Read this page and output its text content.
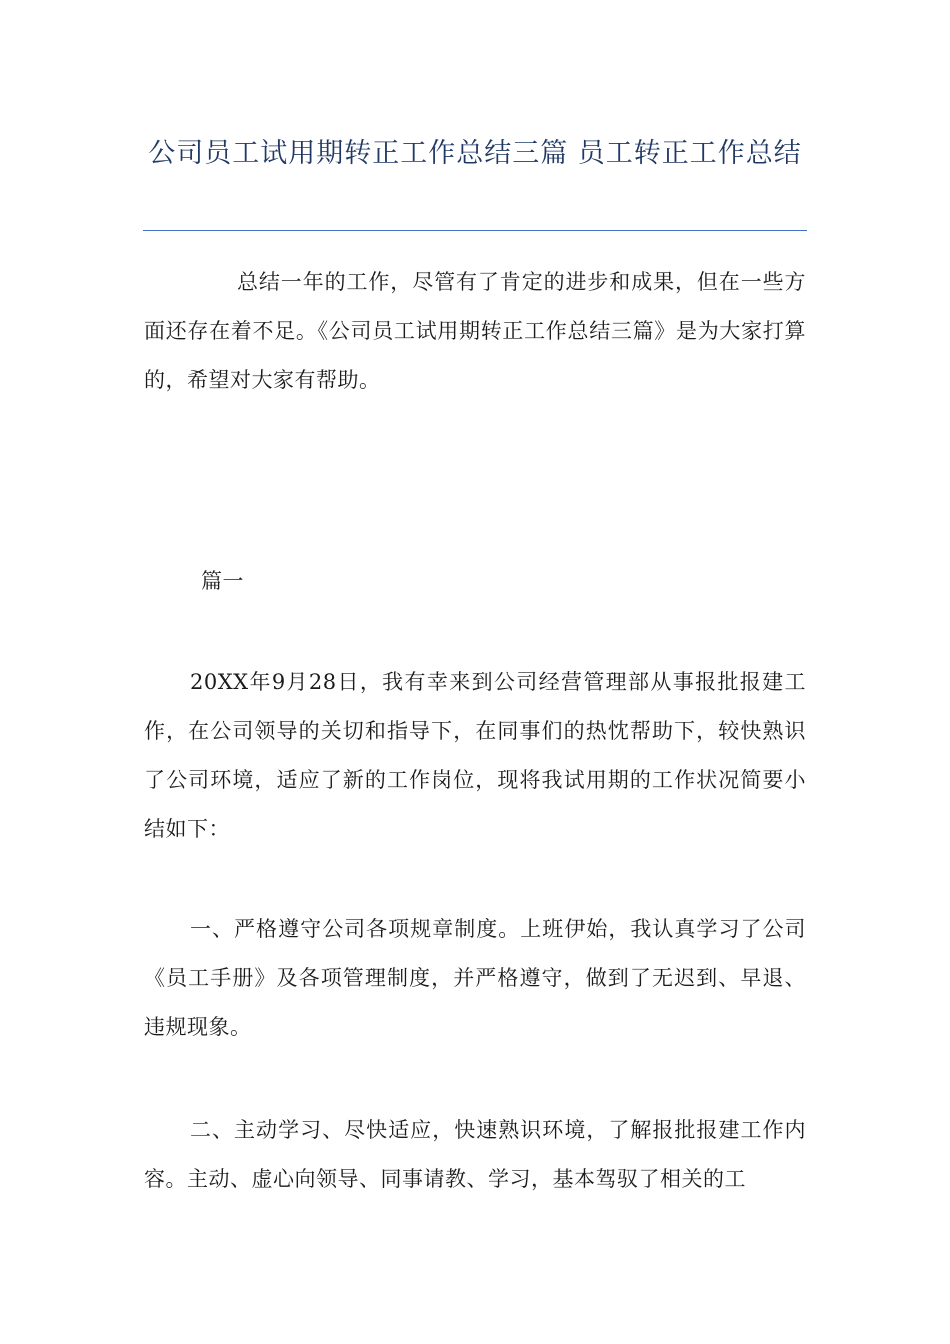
公司员工试用期转正工作总结三篇 员工转正工作总结

总结一年的工作，尽管有了肯定的进步和成果，但在一些方面还存在着不足。《公司员工试用期转正工作总结三篇》是为大家打算的，希望对大家有帮助。

篇一

20XX年9月28日，我有幸来到公司经营管理部从事报批报建工作，在公司领导的关切和指导下，在同事们的热忱帮助下，较快熟识了公司环境，适应了新的工作岗位，现将我试用期的工作状况简要小结如下：

一、严格遵守公司各项规章制度。上班伊始，我认真学习了公司《员工手册》及各项管理制度，并严格遵守，做到了无迟到、早退、违规现象。

二、主动学习、尽快适应，快速熟识环境，了解报批报建工作内容。主动、虚心向领导、同事请教、学习，基本驾驭了相关的工
